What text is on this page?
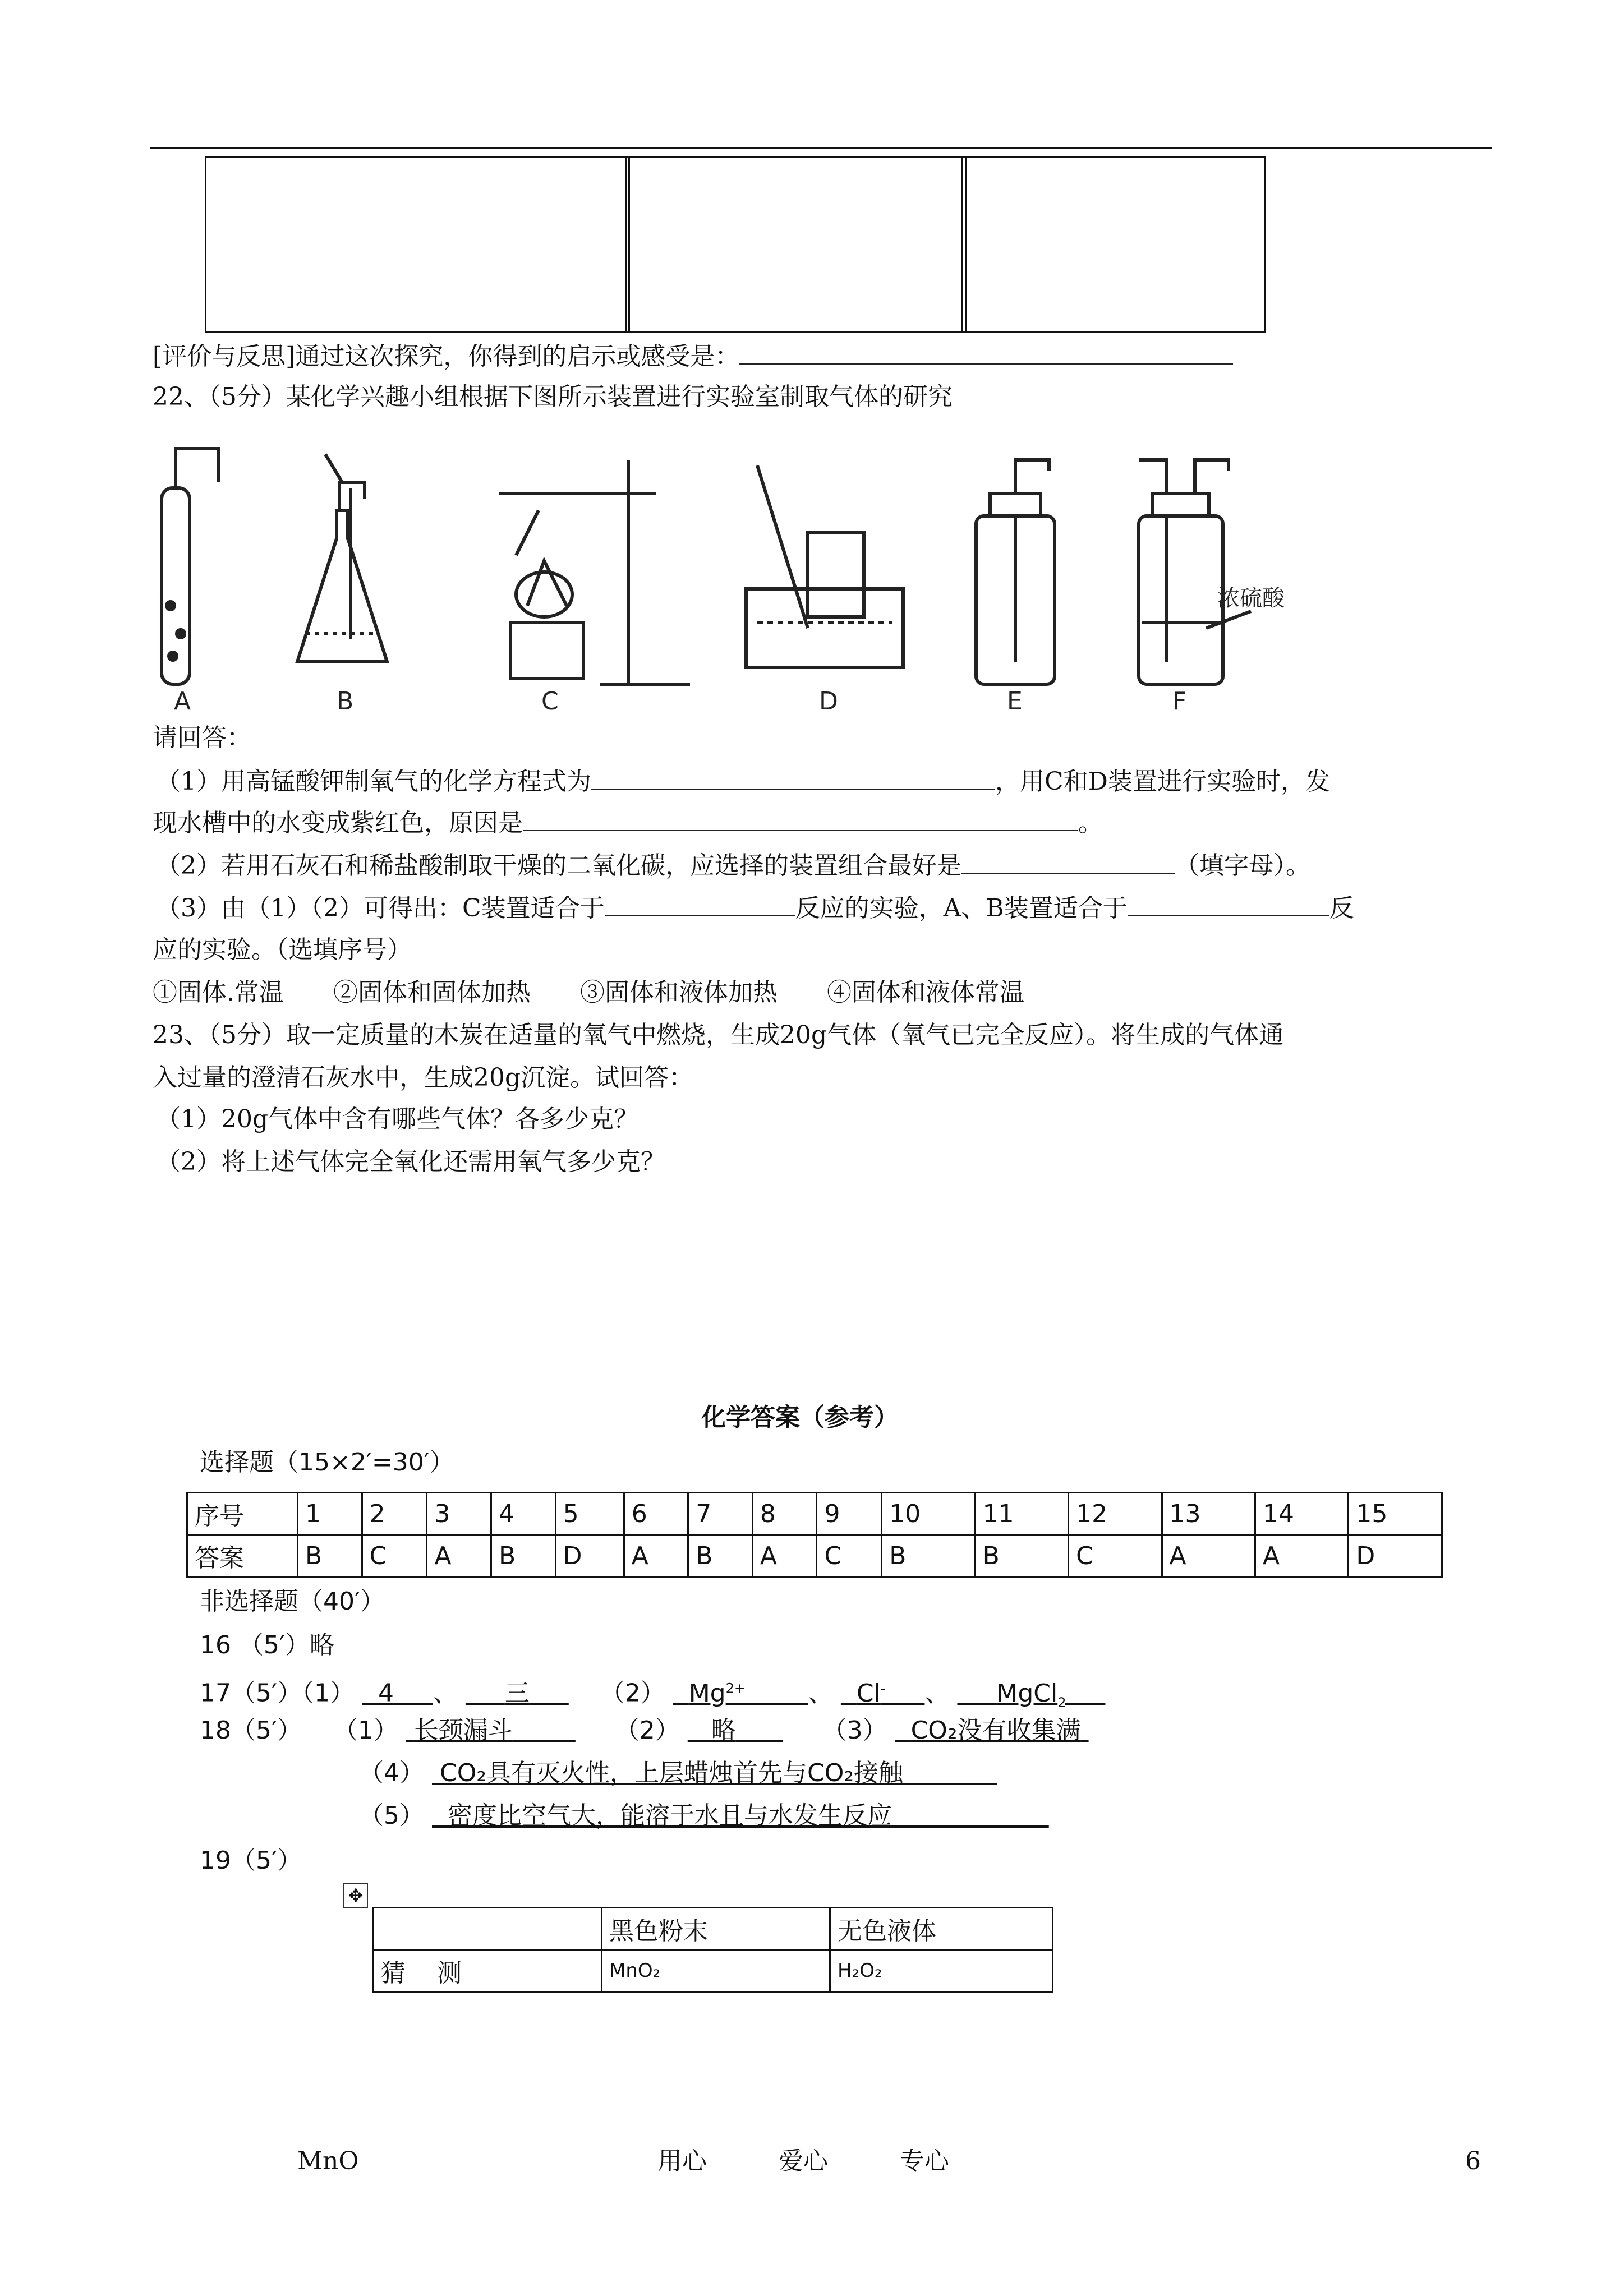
[评价与反思]通过这次探究，你得到的启示或感受是：
22、（5分）某化学兴趣小组根据下图所示装置进行实验室制取气体的研究
A	B	C	D	E	F
浓硫酸
请回答：
（1）用高锰酸钾制氧气的化学方程式为	，用C和D装置进行实验时，发
现水槽中的水变成紫红色，原因是	。
（2）若用石灰石和稀盐酸制取干燥的二氧化碳，应选择的装置组合最好是	（填字母）。
（3）由（1）（2）可得出：C装置适合于	反应的实验，A、B装置适合于	反
应的实验。（选填序号）
①固体.常温 ②固体和固体加热 ③固体和液体加热 ④固体和液体常温
23、（5分）取一定质量的木炭在适量的氧气中燃烧，生成20g气体（氧气已完全反应）。将生成的气体通
入过量的澄清石灰水中，生成20g沉淀。试回答：
（1）20g气体中含有哪些气体？各多少克？
（2）将上述气体完全氧化还需用氧气多少克？
化学答案（参考）
选择题（15×2′=30′）
序号	1	2	3	4	5	6	7	8	9	10	11	12	13	14	15
答案	B	C	A	B	D	A	B	A	C	B	B	C	A	A	D
非选择题（40′）
16 （5′）略
17（5′）（1） 4 、 三	（2） $Mg^{2+}$	、 Cl- 、 MgCl$_2$
18（5′） （1） 长颈漏斗	（2） 略	（3） CO₂没有收集满
（4） CO₂具有灭火性，上层蜡烛首先与CO₂接触
（5） 密度比空气大，能溶于水且与水发生反应
19（5′）
✥
	黑色粉末	无色液体
猜    测	MnO₂	H₂O₂
MnO	用心	爱心	专心	6
